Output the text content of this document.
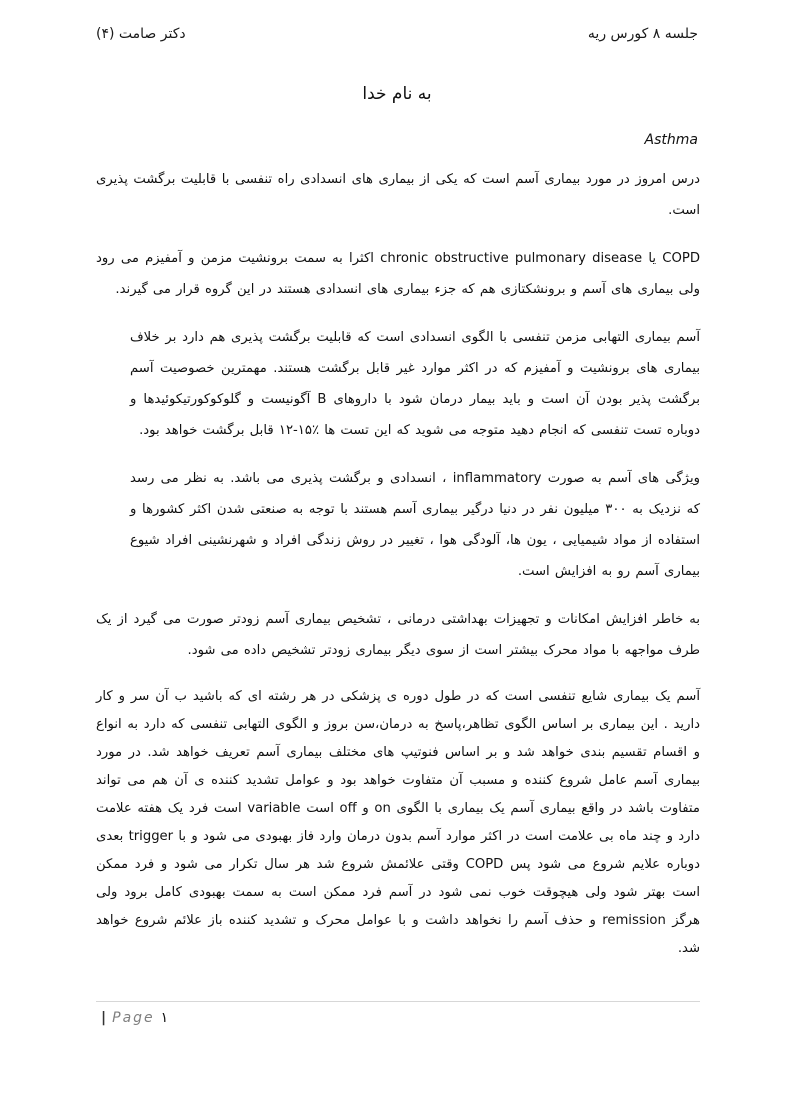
جلسه ۸ کورس ریه
دکتر صامت (۴)
به نام خدا
Asthma

درس امروز در مورد بیماری آسم است که یکی از بیماری های انسدادی راه تنفسی با قابلیت برگشت پذیری است.

COPD یا chronic obstructive pulmonary disease اکثرا به سمت برونشیت مزمن و آمفیزم می رود ولی بیماری های آسم و برونشکتازی هم که جزء بیماری های انسدادی هستند در این گروه قرار می گیرند.

آسم بیماری التهابی مزمن تنفسی با الگوی انسدادی است که قابلیت برگشت پذیری هم دارد بر خلاف بیماری های برونشیت و آمفیزم که در اکثر موارد غیر قابل برگشت هستند. مهمترین خصوصیت آسم برگشت پذیر بودن آن است و باید بیمار درمان شود با داروهای B آگونیست و گلوکوکورتیکوئیدها و دوباره تست تنفسی که انجام دهید متوجه می شوید که این تست ها ٪۱۵-۱۲ قابل برگشت خواهد بود.

ویژگی های آسم به صورت inflammatory ، انسدادی و برگشت پذیری می باشد. به نظر می رسد که نزدیک به ۳۰۰ میلیون نفر در دنیا درگیر بیماری آسم هستند با توجه به صنعتی شدن اکثر کشورها و استفاده از مواد شیمیایی ، یون ها، آلودگی هوا ، تغییر در روش زندگی افراد و شهرنشینی افراد شیوع بیماری آسم رو به افزایش است.

به خاطر افزایش امکانات و تجهیزات بهداشتی درمانی ، تشخیص بیماری آسم زودتر صورت می گیرد از یک طرف مواجهه با مواد محرک بیشتر است از سوی دیگر بیماری زودتر تشخیص داده می شود.

آسم یک بیماری شایع تنفسی است که در طول دوره ی پزشکی در هر رشته ای که باشید ب آن سر و کار دارید . این بیماری بر اساس الگوی تظاهر،پاسخ به درمان،سن بروز و الگوی التهابی تنفسی که دارد به انواع و اقسام تقسیم بندی خواهد شد و بر اساس فنوتیپ های مختلف بیماری آسم تعریف خواهد شد. در مورد بیماری آسم عامل شروع کننده و مسبب آن متفاوت خواهد بود و عوامل تشدید کننده ی آن هم می تواند متفاوت باشد در واقع بیماری آسم یک بیماری با الگوی on و off است variable است فرد یک هفته علامت دارد و چند ماه بی علامت است در اکثر موارد آسم بدون درمان وارد فاز بهبودی می شود و با trigger بعدی دوباره علایم شروع می شود پس COPD وقتی علائمش شروع شد هر سال تکرار می شود و فرد ممکن است بهتر شود ولی هیچوقت خوب نمی شود در آسم فرد ممکن است به سمت بهبودی کامل برود ولی هرگز remission و حذف آسم را نخواهد داشت و با عوامل محرک و تشدید کننده باز علائم شروع خواهد شد.

| Page ۱
